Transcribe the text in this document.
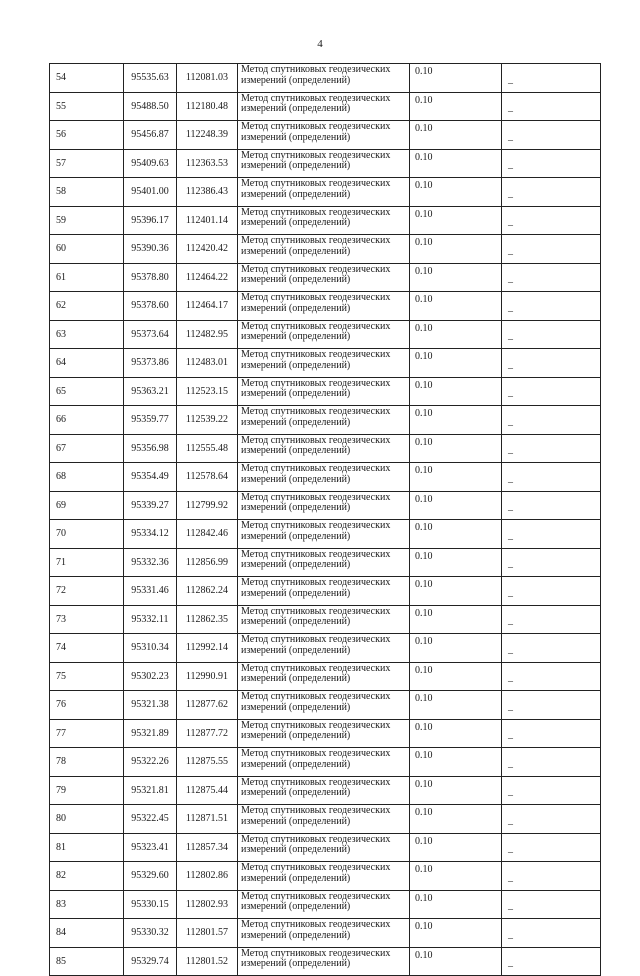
4
54	95535.63	112081.03	Метод спутниковых геодезических измерений (определений)	0.10	–
55	95488.50	112180.48	Метод спутниковых геодезических измерений (определений)	0.10	–
56	95456.87	112248.39	Метод спутниковых геодезических измерений (определений)	0.10	–
57	95409.63	112363.53	Метод спутниковых геодезических измерений (определений)	0.10	–
58	95401.00	112386.43	Метод спутниковых геодезических измерений (определений)	0.10	–
59	95396.17	112401.14	Метод спутниковых геодезических измерений (определений)	0.10	–
60	95390.36	112420.42	Метод спутниковых геодезических измерений (определений)	0.10	–
61	95378.80	112464.22	Метод спутниковых геодезических измерений (определений)	0.10	–
62	95378.60	112464.17	Метод спутниковых геодезических измерений (определений)	0.10	–
63	95373.64	112482.95	Метод спутниковых геодезических измерений (определений)	0.10	–
64	95373.86	112483.01	Метод спутниковых геодезических измерений (определений)	0.10	–
65	95363.21	112523.15	Метод спутниковых геодезических измерений (определений)	0.10	–
66	95359.77	112539.22	Метод спутниковых геодезических измерений (определений)	0.10	–
67	95356.98	112555.48	Метод спутниковых геодезических измерений (определений)	0.10	–
68	95354.49	112578.64	Метод спутниковых геодезических измерений (определений)	0.10	–
69	95339.27	112799.92	Метод спутниковых геодезических измерений (определений)	0.10	–
70	95334.12	112842.46	Метод спутниковых геодезических измерений (определений)	0.10	–
71	95332.36	112856.99	Метод спутниковых геодезических измерений (определений)	0.10	–
72	95331.46	112862.24	Метод спутниковых геодезических измерений (определений)	0.10	–
73	95332.11	112862.35	Метод спутниковых геодезических измерений (определений)	0.10	–
74	95310.34	112992.14	Метод спутниковых геодезических измерений (определений)	0.10	–
75	95302.23	112990.91	Метод спутниковых геодезических измерений (определений)	0.10	–
76	95321.38	112877.62	Метод спутниковых геодезических измерений (определений)	0.10	–
77	95321.89	112877.72	Метод спутниковых геодезических измерений (определений)	0.10	–
78	95322.26	112875.55	Метод спутниковых геодезических измерений (определений)	0.10	–
79	95321.81	112875.44	Метод спутниковых геодезических измерений (определений)	0.10	–
80	95322.45	112871.51	Метод спутниковых геодезических измерений (определений)	0.10	–
81	95323.41	112857.34	Метод спутниковых геодезических измерений (определений)	0.10	–
82	95329.60	112802.86	Метод спутниковых геодезических измерений (определений)	0.10	–
83	95330.15	112802.93	Метод спутниковых геодезических измерений (определений)	0.10	–
84	95330.32	112801.57	Метод спутниковых геодезических измерений (определений)	0.10	–
85	95329.74	112801.52	Метод спутниковых геодезических измерений (определений)	0.10	–
